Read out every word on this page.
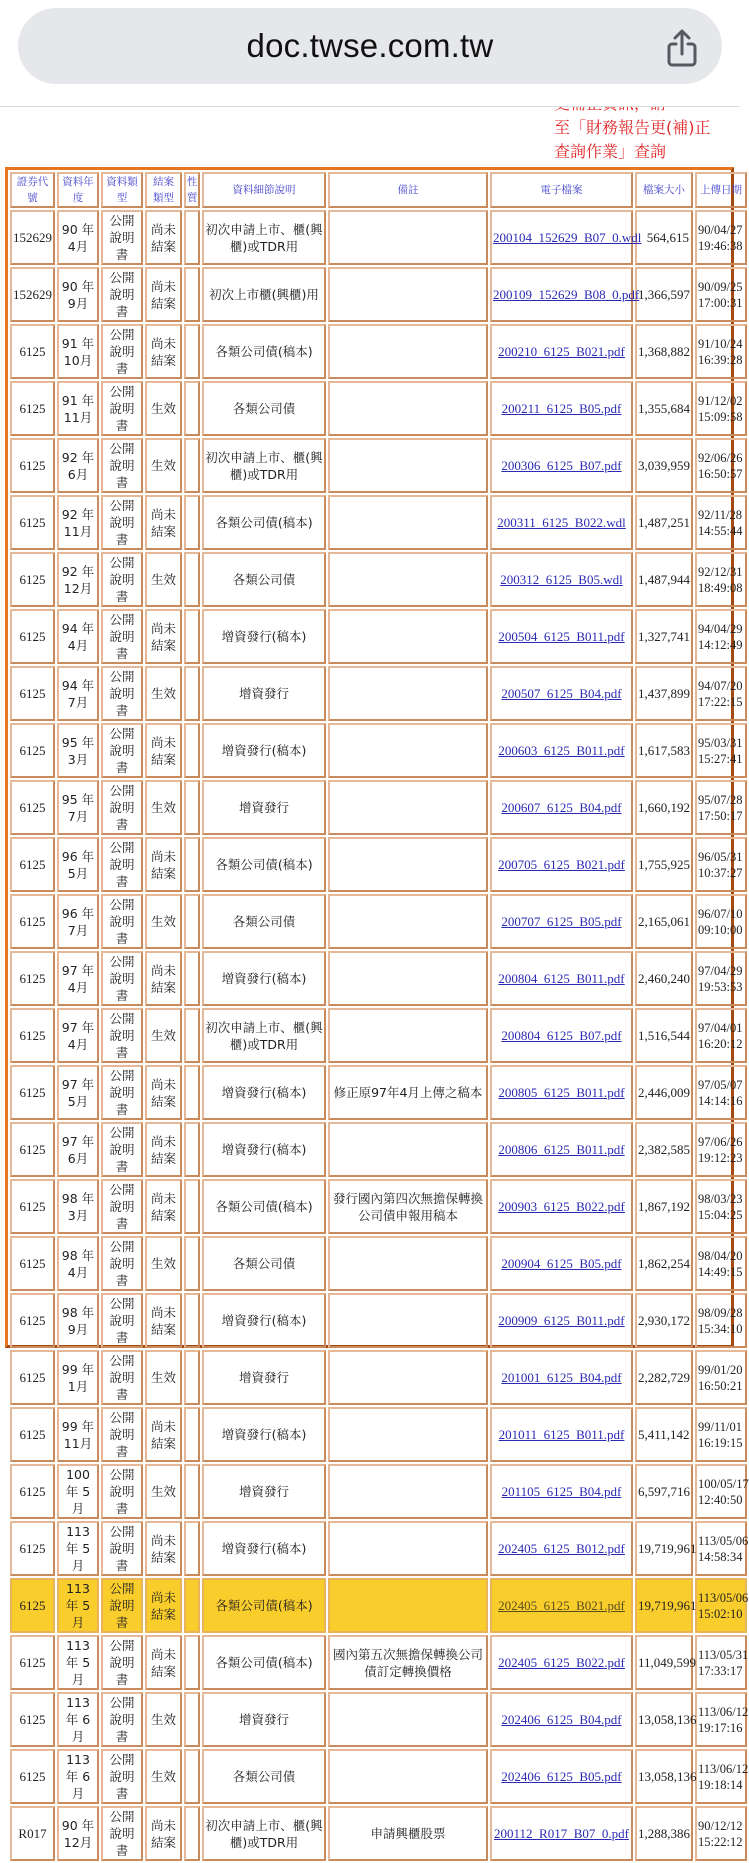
doc.twse.com.tw
至「財務報告更(補)正
查詢作業」查詢
證券代號	資料年度	資料類型	結案類型	性質	資料細節說明	備註	電子檔案	檔案大小	上傳日期
152629	90 年 4月	公開說明書	尚未結案		初次申請上市、櫃(興櫃)或TDR用		200104_152629_B07_0.wdl	564,615	90/04/27
19:46:38

152629	90 年 9月	公開說明書	尚未結案		初次上市櫃(興櫃)用		200109_152629_B08_0.pdf	1,366,597	90/09/25
17:00:31

6125	91 年 10月	公開說明書	尚未結案		各類公司債(稿本)		200210_6125_B021.pdf	1,368,882	91/10/24
16:39:28

6125	91 年 11月	公開說明書	生效		各類公司債		200211_6125_B05.pdf	1,355,684	91/12/02
15:09:58

6125	92 年 6月	公開說明書	生效		初次申請上市、櫃(興櫃)或TDR用		200306_6125_B07.pdf	3,039,959	92/06/26
16:50:57

6125	92 年 11月	公開說明書	尚未結案		各類公司債(稿本)		200311_6125_B022.wdl	1,487,251	92/11/28
14:55:44

6125	92 年 12月	公開說明書	生效		各類公司債		200312_6125_B05.wdl	1,487,944	92/12/31
18:49:08

6125	94 年 4月	公開說明書	尚未結案		增資發行(稿本)		200504_6125_B011.pdf	1,327,741	94/04/29
14:12:49

6125	94 年 7月	公開說明書	生效		增資發行		200507_6125_B04.pdf	1,437,899	94/07/20
17:22:15

6125	95 年 3月	公開說明書	尚未結案		增資發行(稿本)		200603_6125_B011.pdf	1,617,583	95/03/31
15:27:41

6125	95 年 7月	公開說明書	生效		增資發行		200607_6125_B04.pdf	1,660,192	95/07/28
17:50:17

6125	96 年 5月	公開說明書	尚未結案		各類公司債(稿本)		200705_6125_B021.pdf	1,755,925	96/05/31
10:37:27

6125	96 年 7月	公開說明書	生效		各類公司債		200707_6125_B05.pdf	2,165,061	96/07/10
09:10:00

6125	97 年 4月	公開說明書	尚未結案		增資發行(稿本)		200804_6125_B011.pdf	2,460,240	97/04/29
19:53:53

6125	97 年 4月	公開說明書	生效		初次申請上市、櫃(興櫃)或TDR用		200804_6125_B07.pdf	1,516,544	97/04/01
16:20:12

6125	97 年 5月	公開說明書	尚未結案		增資發行(稿本)	修正原97年4月上傳之稿本	200805_6125_B011.pdf	2,446,009	97/05/07
14:14:16

6125	97 年 6月	公開說明書	尚未結案		增資發行(稿本)		200806_6125_B011.pdf	2,382,585	97/06/26
19:12:23

6125	98 年 3月	公開說明書	尚未結案		各類公司債(稿本)	發行國內第四次無擔保轉換公司債申報用稿本	200903_6125_B022.pdf	1,867,192	98/03/23
15:04:25

6125	98 年 4月	公開說明書	生效		各類公司債		200904_6125_B05.pdf	1,862,254	98/04/20
14:49:15

6125	98 年 9月	公開說明書	尚未結案		增資發行(稿本)		200909_6125_B011.pdf	2,930,172	98/09/28
15:34:10

6125	99 年 1月	公開說明書	生效		增資發行		201001_6125_B04.pdf	2,282,729	99/01/20
16:50:21

6125	99 年 11月	公開說明書	尚未結案		增資發行(稿本)		201011_6125_B011.pdf	5,411,142	99/11/01
16:19:15

6125	100 年 5月	公開說明書	生效		增資發行		201105_6125_B04.pdf	6,597,716	100/05/17
12:40:50

6125	113 年 5月	公開說明書	尚未結案		增資發行(稿本)		202405_6125_B012.pdf	19,719,961	113/05/06
14:58:34

6125	113 年 5月	公開說明書	尚未結案		各類公司債(稿本)		202405_6125_B021.pdf	19,719,961	113/05/06
15:02:10

6125	113 年 5月	公開說明書	尚未結案		各類公司債(稿本)	國內第五次無擔保轉換公司債訂定轉換價格	202405_6125_B022.pdf	11,049,599	113/05/31
17:33:17

6125	113 年 6月	公開說明書	生效		增資發行		202406_6125_B04.pdf	13,058,136	113/06/12
19:17:16

6125	113 年 6月	公開說明書	生效		各類公司債		202406_6125_B05.pdf	13,058,136	113/06/12
19:18:14

R017	90 年 12月	公開說明書	尚未結案		初次申請上市、櫃(興櫃)或TDR用	申請興櫃股票	200112_R017_B07_0.pdf	1,288,386	90/12/12
15:22:12
